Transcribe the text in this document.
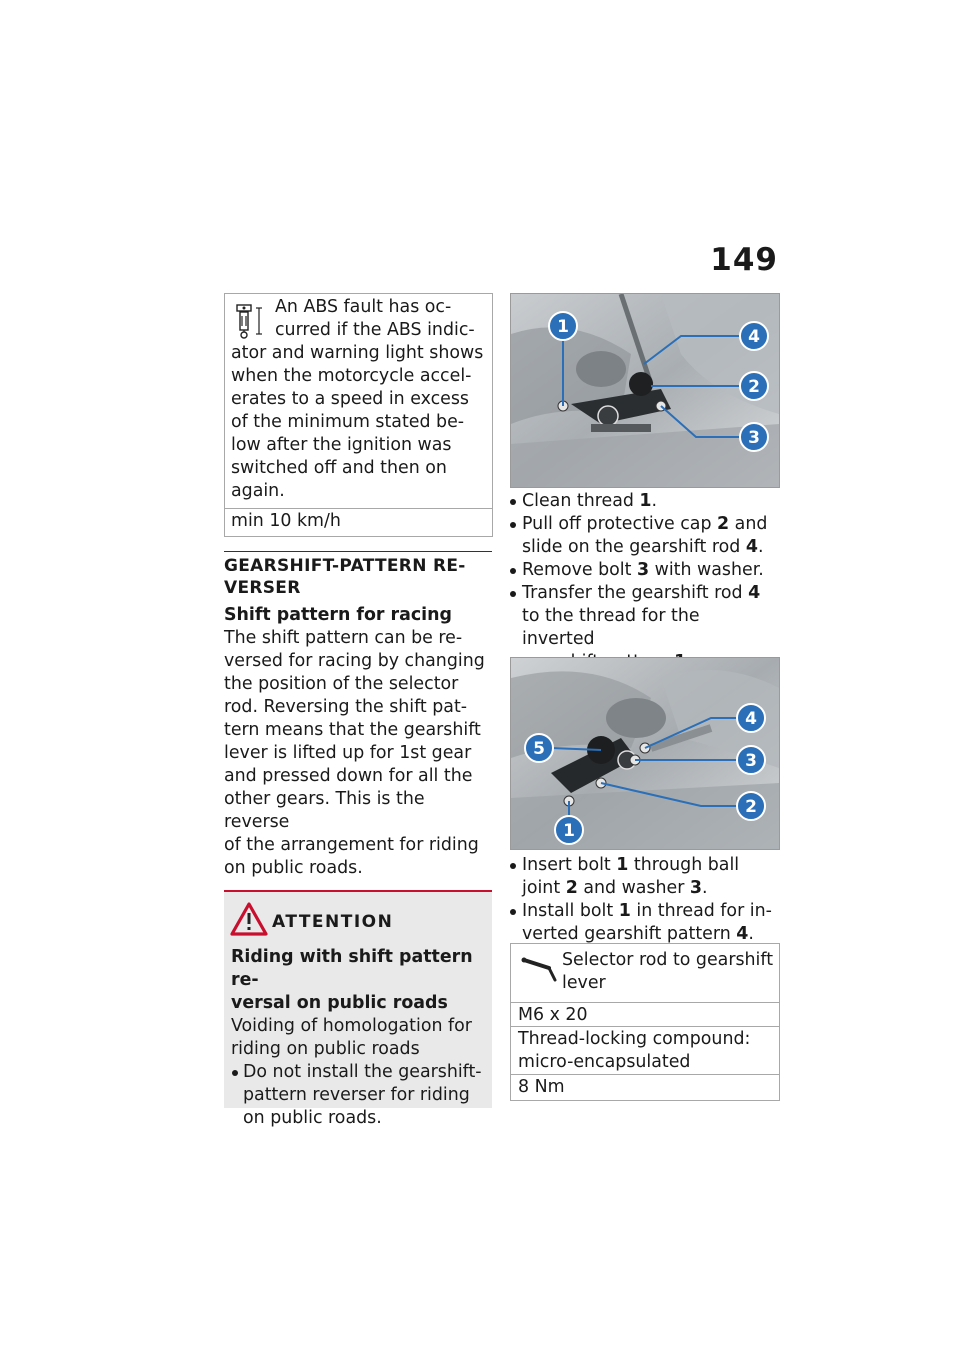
149
An ABS fault has oc-
curred if the ABS indic-
ator and warning light shows
when the motorcycle accel-
erates to a speed in excess
of the minimum stated be-
low after the ignition was
switched off and then on
again.
min 10 km/h
GEARSHIFT-PATTERN RE-
VERSER
Shift pattern for racing
The shift pattern can be re-
versed for racing by changing
the position of the selector
rod. Reversing the shift pat-
tern means that the gearshift
lever is lifted up for 1st gear
and pressed down for all the
other gears. This is the reverse
of the arrangement for riding
on public roads.
ATTENTION
Riding with shift pattern re-
versal on public roads
Voiding of homologation for
riding on public roads
Do not install the gearshift-
pattern reverser for riding
on public roads.
1	4
2
3
Clean thread 1.
Pull off protective cap 2 and
slide on the gearshift rod 4.
Remove bolt 3 with washer.
Transfer the gearshift rod 4
to the thread for the inverted
4
5
3
2
1
Insert bolt 1 through ball
joint 2 and washer 3.
Install bolt 1 in thread for in-
verted gearshift pattern 4.
Selector rod to gearshift
lever
M6 x 20
Thread-locking compound:
micro-encapsulated
8 Nm
